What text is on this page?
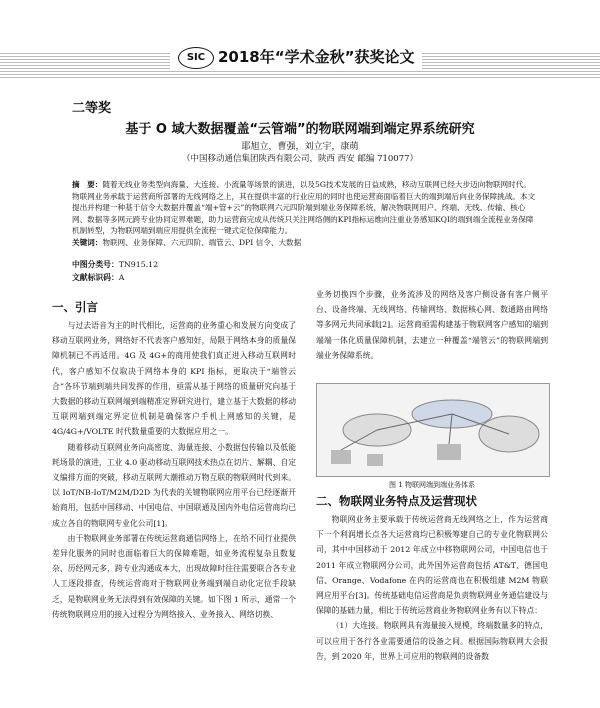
SIC 2018年“学术金秋”获奖论文
二等奖
基于 O 域大数据覆盖“云管端”的物联网端到端定界系统研究
耶旭立，曹强，刘立宇，康萌
（中国移动通信集团陕西有限公司，陕西 西安 邮编 710077）
摘　要：随着无线业务类型向海量、大连接、小流量等场景的演进，以及5G技术发展的日益成熟，移动互联网已经大步迈向物联网时代。物联网业务承载于运营商所部署的无线网络之上，其在提供丰富的行业应用的同时也使运营商面临着巨大的端到端后向业务保障挑战。本文提出并构建一种基于信令大数据并覆盖“端+管+云”的物联网六元四阶端到端业务保障系统，解决物联网用户、终端、无线、传输、核心网、数据等多网元跨专业协同定界难题，助力运营商完成从传统只关注网络侧的KPI指标运维向注重业务感知KQI的端到端全流程业务保障机制转型，为物联网端到端应用提供全流程一键式定位保障能力。
关键词：物联网、业务保障、六元四阶、端管云、DPI 信令、大数据
中图分类号：TN915.12
文献标识码：A
一、引言

与过去语音为主的时代相比，运营商的业务重心和发展方向变成了移动互联网业务，网络好不代表客户感知好，局限于网络本身的质量保障机制已不再适用。4G 及 4G+的商用使我们真正进入移动互联网时代，客户感知不仅取决于网络本身的 KPI 指标，更取决于“端管云合”各环节端到端共同发挥的作用，亟需从基于网络的质量研究向基于大数据的移动互联网端到端精准定界研究进行，建立基于大数据的移动互联网端到端定界定位机制是确保客户手机上网感知的关键，是 4G/4G+/VOLTE 时代数量重要的大数据应用之一。

随着移动互联网业务向高密度、海量连接、小数据包传输以及低能耗场景的演进，工业 4.0 驱动移动互联网技术热点在切片、解耦、自定义编排方面的突破，移动互联网大潮推动万物互联的物联网时代到来。以 IoT/NB-IoT/M2M/D2D 为代表的关键物联网应用平台已经逐渐开始商用，包括中国移动、中国电信、中国联通及国内外电信运营商均已成立各自的物联网专业化公司[1]。

由于物联网业务部署在传统运营商通信网络上，在给不同行业提供差异化服务的同时也面临着巨大的保障难题，如业务流程复杂且数复杂、历经网元多，跨专业沟通成本大，出现故障时往往需要联合各专业人工逐段排查，传统运营商对于物联网业务端到端自动化定位手段缺乏，是物联网业务无法得到有效保障的关键。如下图 1 所示，通常一个传统物联网应用的接入过程分为网络接入、业务接入、网络切换、

业务切换四个步骤，业务流涉及的网络及客户侧设备有客户侧平台、设备终端、无线网络、传输网络、数据核心网、数通路由网络等多网元共同承载[2]。运营商亟需构建基于物联网客户感知的端到端端一体化质量保障机制，去建立一种覆盖“端管云”的物联网端到端业务保障系统。

图 1 物联网端到端业务体系
二、物联网业务特点及运营现状

物联网业务主要承载于传统运营商无线网络之上，作为运营商下一个利润增长点各大运营商均已积极筹建自己的专业化物联网公司，其中中国移动于 2012 年成立中移物联网公司，中国电信也于 2011 年成立物联网分公司，此外国外运营商包括 AT&T、德国电信、Orange、Vodafone 在内的运营商也在积极组建 M2M 物联网应用平台[3]。传统基础电信运营商是负责物联网业务通信建设与保障的基础力量，相比于传统运营商业务物联网业务有以下特点：

（1）大连接。物联网具有海量接入规模，终端数量多的特点，可以应用于各行各业需要通信的设备之间。根据国际物联网大会报告，到 2020 年，世界上可应用的物联网的设备数
